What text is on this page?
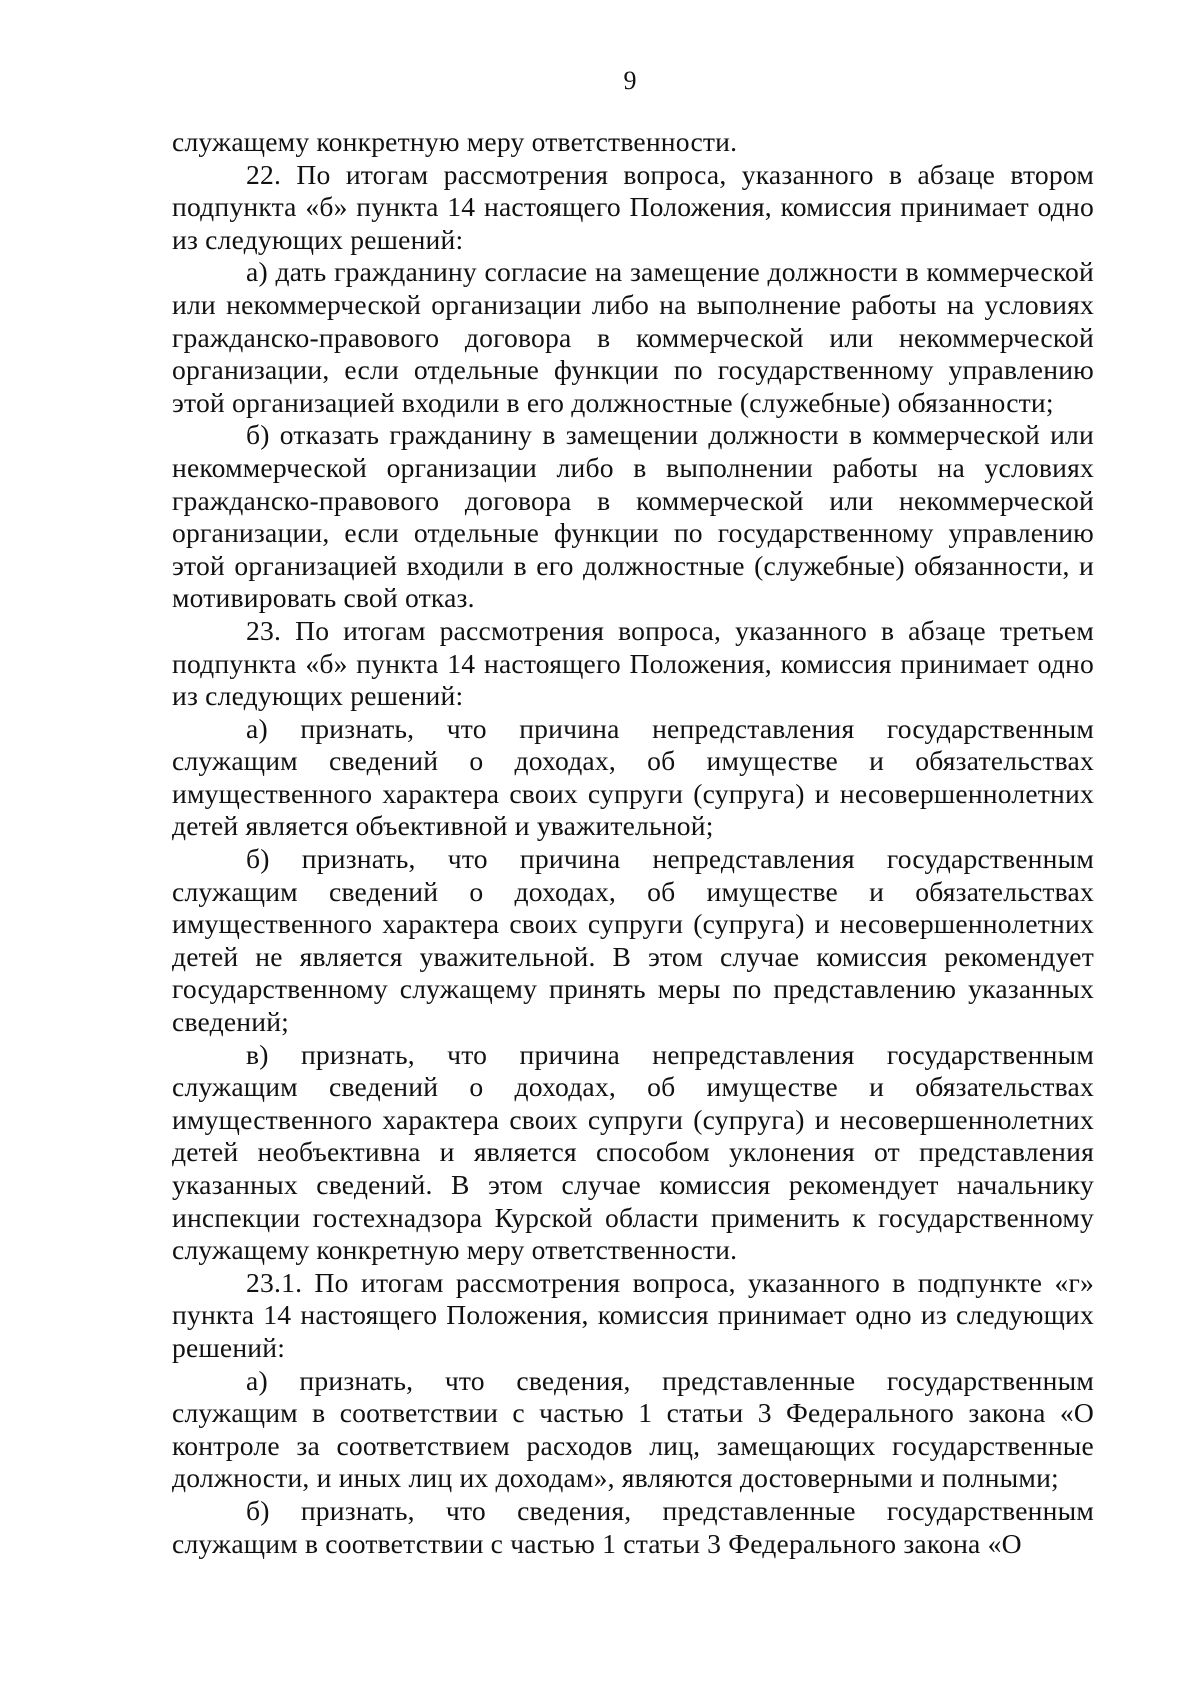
9

служащему конкретную меру ответственности.

22. По итогам рассмотрения вопроса, указанного в абзаце втором подпункта «б» пункта 14 настоящего Положения, комиссия принимает одно из следующих решений:

а) дать гражданину согласие на замещение должности в коммерческой или некоммерческой организации либо на выполнение работы на условиях гражданско-правового договора в коммерческой или некоммерческой организации, если отдельные функции по государственному управлению этой организацией входили в его должностные (служебные) обязанности;

б) отказать гражданину в замещении должности в коммерческой или некоммерческой организации либо в выполнении работы на условиях гражданско-правового договора в коммерческой или некоммерческой организации, если отдельные функции по государственному управлению этой организацией входили в его должностные (служебные) обязанности, и мотивировать свой отказ.

23. По итогам рассмотрения вопроса, указанного в абзаце третьем подпункта «б» пункта 14 настоящего Положения, комиссия принимает одно из следующих решений:

а) признать, что причина непредставления государственным служащим сведений о доходах, об имуществе и обязательствах имущественного характера своих супруги (супруга) и несовершеннолетних детей является объективной и уважительной;

б) признать, что причина непредставления государственным служащим сведений о доходах, об имуществе и обязательствах имущественного характера своих супруги (супруга) и несовершеннолетних детей не является уважительной. В этом случае комиссия рекомендует государственному служащему принять меры по представлению указанных сведений;

в) признать, что причина непредставления государственным служащим сведений о доходах, об имуществе и обязательствах имущественного характера своих супруги (супруга) и несовершеннолетних детей необъективна и является способом уклонения от представления указанных сведений. В этом случае комиссия рекомендует начальнику инспекции гостехнадзора Курской области применить к государственному служащему конкретную меру ответственности.

23.1. По итогам рассмотрения вопроса, указанного в подпункте «г» пункта 14 настоящего Положения, комиссия принимает одно из следующих решений:

а) признать, что сведения, представленные государственным служащим в соответствии с частью 1 статьи 3 Федерального закона «О контроле за соответствием расходов лиц, замещающих государственные должности, и иных лиц их доходам», являются достоверными и полными;

б) признать, что сведения, представленные государственным служащим в соответствии с частью 1 статьи 3 Федерального закона «О
